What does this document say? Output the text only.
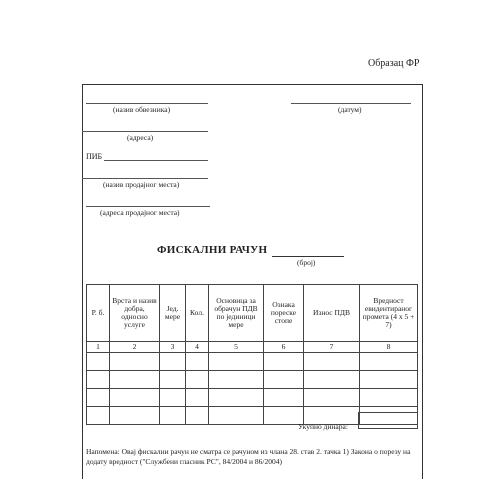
Образац ФР
(назив обвезника)	(датум)
(адреса)
ПИБ
(назив продајног места)
(адреса продајног места)
ФИСКАЛНИ РАЧУН
(број)
Р. б.	Врста и назив добра, односно услуге	Јед. мере	Кол.	Основица за обрачун ПДВ по јединици мере	Ознака пореске стопе	Износ ПДВ	Вредност евидентираног промета (4 x 5 + 7)
1	2	3	4	5	6	7	8

Укупно динара:
Напомена: Овај фискални рачун не сматра се рачуном из члана 28. став 2. тачка 1) Закона о порезу на додату вредност ("Службени гласник РС", 84/2004 и 86/2004)
